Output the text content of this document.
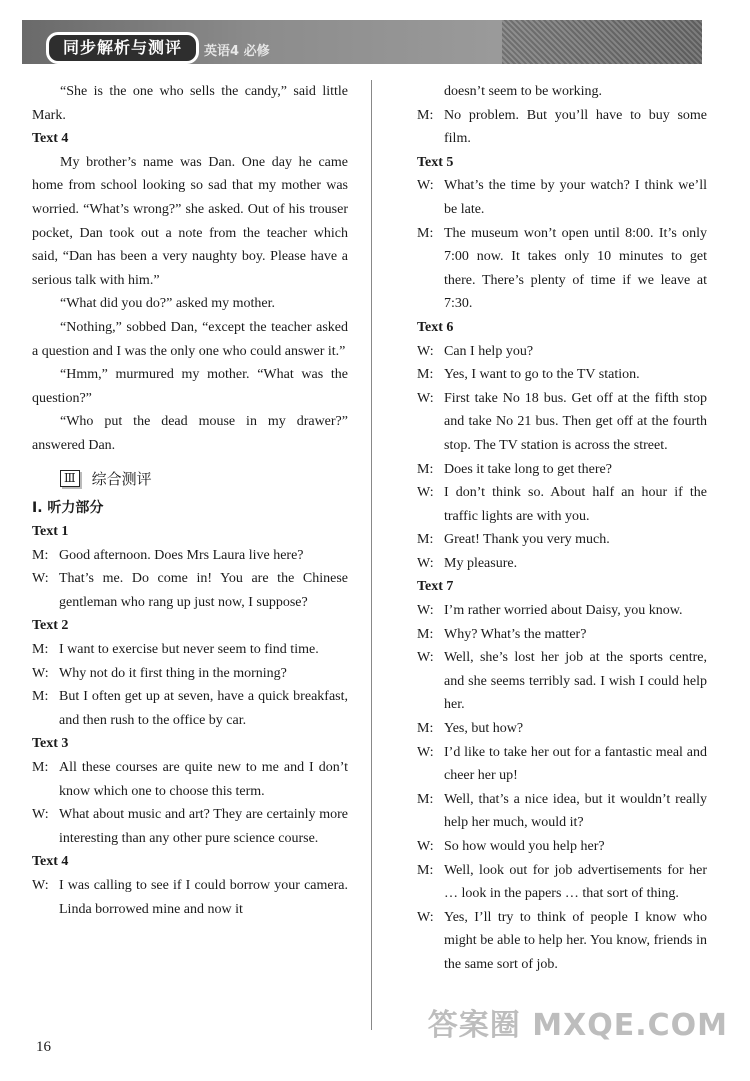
同步解析与测评	英语4 必修

“She is the one who sells the candy,” said little Mark.

Text 4

My brother’s name was Dan. One day he came home from school looking so sad that my mother was worried. “What’s wrong?” she asked. Out of his trouser pocket, Dan took out a note from the teacher which said, “Dan has been a very naughty boy. Please have a serious talk with him.”

“What did you do?” asked my mother.

“Nothing,” sobbed Dan, “except the teacher asked a question and I was the only one who could answer it.”

“Hmm,” murmured my mother. “What was the question?”

“Who put the dead mouse in my drawer?” answered Dan.

Ⅲ 综合测评

Ⅰ. 听力部分

Text 1

M: Good afternoon. Does Mrs Laura live here?

W: That’s me. Do come in! You are the Chinese gentleman who rang up just now, I suppose?

Text 2

M: I want to exercise but never seem to find time.

W: Why not do it first thing in the morning?

M: But I often get up at seven, have a quick breakfast, and then rush to the office by car.

Text 3

M: All these courses are quite new to me and I don’t know which one to choose this term.

W: What about music and art? They are certainly more interesting than any other pure science course.

Text 4

W: I was calling to see if I could borrow your camera. Linda borrowed mine and now it

doesn’t seem to be working.

M: No problem. But you’ll have to buy some film.

Text 5

W: What’s the time by your watch? I think we’ll be late.

M: The museum won’t open until 8:00. It’s only 7:00 now. It takes only 10 minutes to get there. There’s plenty of time if we leave at 7:30.

Text 6

W: Can I help you?

M: Yes, I want to go to the TV station.

W: First take No 18 bus. Get off at the fifth stop and take No 21 bus. Then get off at the fourth stop. The TV station is across the street.

M: Does it take long to get there?

W: I don’t think so. About half an hour if the traffic lights are with you.

M: Great! Thank you very much.

W: My pleasure.

Text 7

W: I’m rather worried about Daisy, you know.

M: Why? What’s the matter?

W: Well, she’s lost her job at the sports centre, and she seems terribly sad. I wish I could help her.

M: Yes, but how?

W: I’d like to take her out for a fantastic meal and cheer her up!

M: Well, that’s a nice idea, but it wouldn’t really help her much, would it?

W: So how would you help her?

M: Well, look out for job advertisements for her … look in the papers … that sort of thing.

W: Yes, I’ll try to think of people I know who might be able to help her. You know, friends in the same sort of job.

16
答案圈 MXQE.COM
